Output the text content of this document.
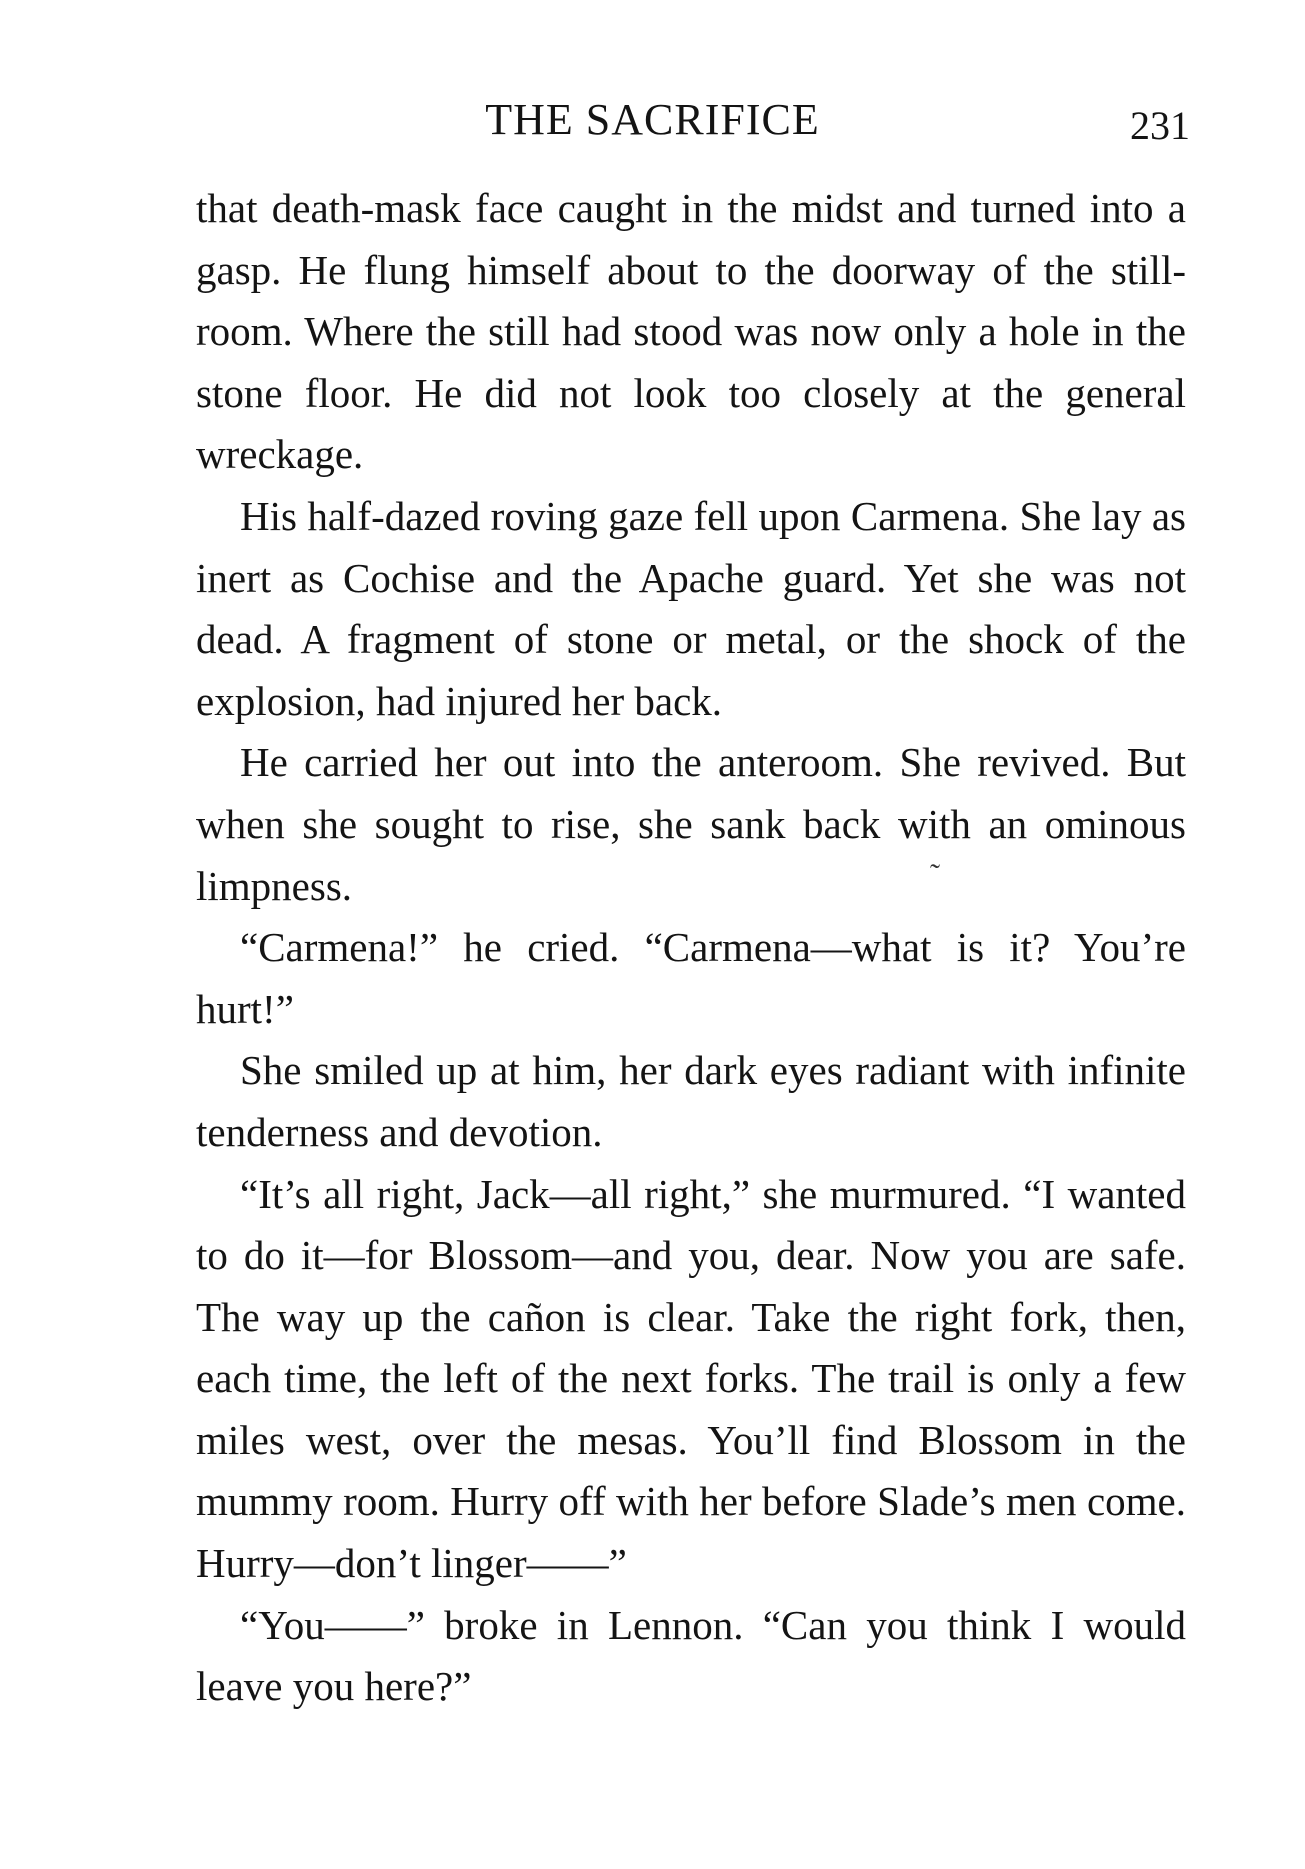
THE SACRIFICE	231

that death-mask face caught in the midst and turned into a gasp. He flung himself about to the doorway of the still-room. Where the still had stood was now only a hole in the stone floor. He did not look too closely at the general wreckage.

His half-dazed roving gaze fell upon Carmena. She lay as inert as Cochise and the Apache guard. Yet she was not dead. A fragment of stone or metal, or the shock of the explosion, had injured her back.

He carried her out into the anteroom. She revived. But when she sought to rise, she sank back with an ominous limpness.

“Carmena!” he cried. “Carmena—what is it? You’re hurt!”

She smiled up at him, her dark eyes radiant with infinite tenderness and devotion.

“It’s all right, Jack—all right,” she murmured. “I wanted to do it—for Blossom—and you, dear. Now you are safe. The way up the cañon is clear. Take the right fork, then, each time, the left of the next forks. The trail is only a few miles west, over the mesas. You’ll find Blossom in the mummy room. Hurry off with her before Slade’s men come. Hurry—don’t linger——”

“You——” broke in Lennon. “Can you think I would leave you here?”

˜
